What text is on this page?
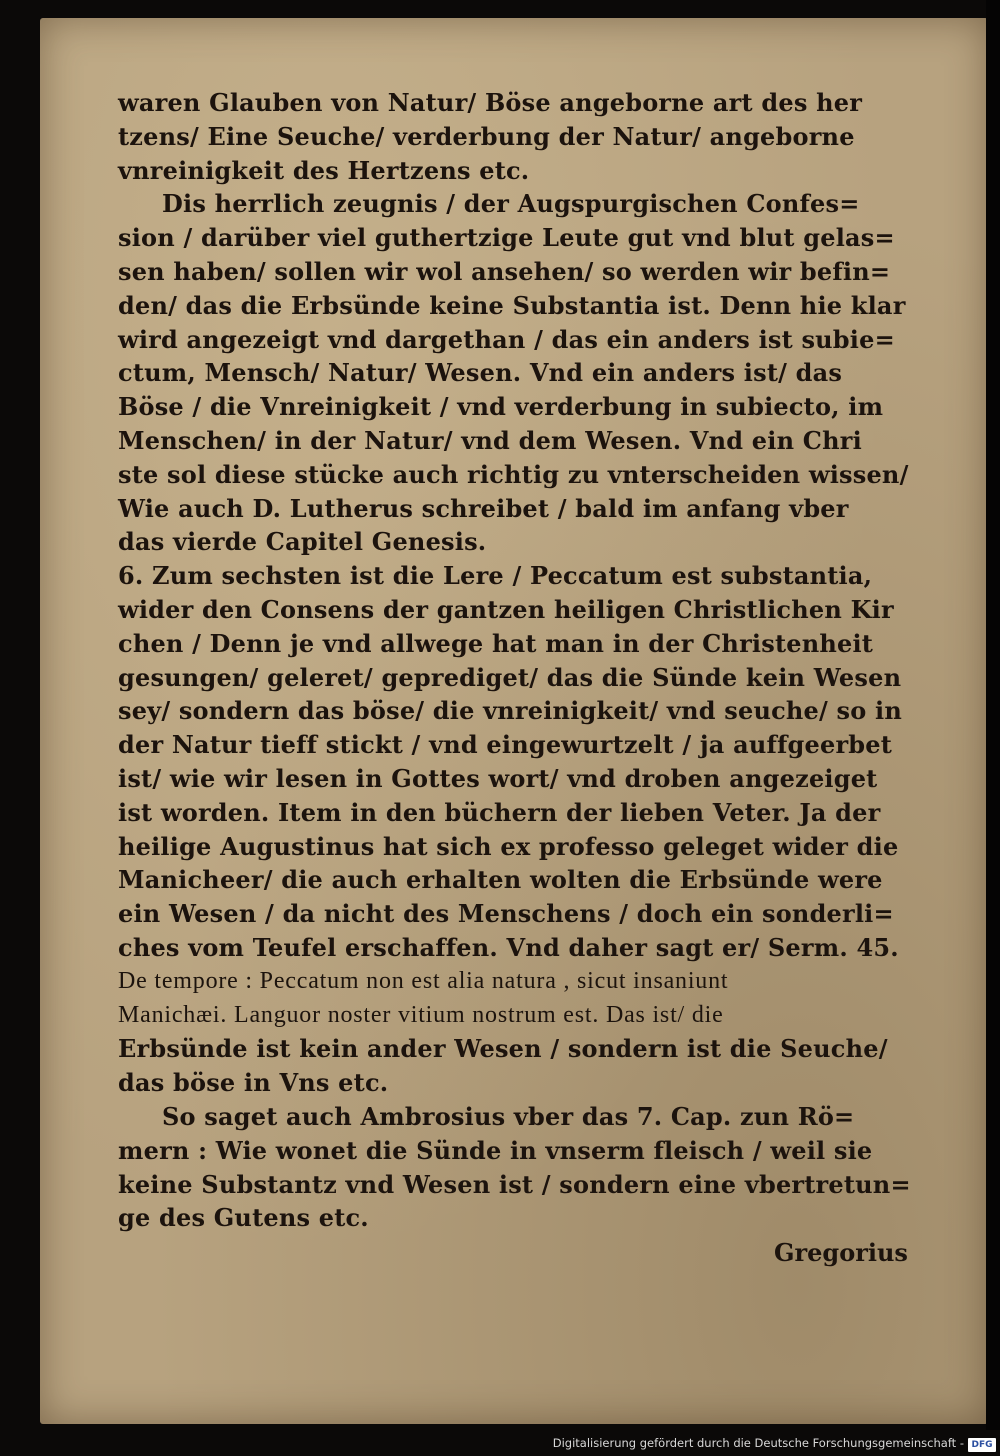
waren Glauben von Natur/ Böse angeborne art des her
tzens/ Eine Seuche/ verderbung der Natur/ angeborne
vnreinigkeit des Hertzens etc.
Dis herrlich zeugnis / der Augspurgischen Confes=
sion / darüber viel guthertzige Leute gut vnd blut gelas=
sen haben/ sollen wir wol ansehen/ so werden wir befin=
den/ das die Erbsünde keine Substantia ist. Denn hie klar
wird angezeigt vnd dargethan / das ein anders ist subie=
ctum, Mensch/ Natur/ Wesen. Vnd ein anders ist/ das
Böse / die Vnreinigkeit / vnd verderbung in subiecto, im
Menschen/ in der Natur/ vnd dem Wesen. Vnd ein Chri
ste sol diese stücke auch richtig zu vnterscheiden wissen/
Wie auch D. Lutherus schreibet / bald im anfang vber
das vierde Capitel Genesis.
6. Zum sechsten ist die Lere / Peccatum est substantia,
wider den Consens der gantzen heiligen Christlichen Kir
chen / Denn je vnd allwege hat man in der Christenheit
gesungen/ geleret/ geprediget/ das die Sünde kein Wesen
sey/ sondern das böse/ die vnreinigkeit/ vnd seuche/ so in
der Natur tieff stickt / vnd eingewurtzelt / ja auffgeerbet
ist/ wie wir lesen in Gottes wort/ vnd droben angezeiget
ist worden. Item in den büchern der lieben Veter. Ja der
heilige Augustinus hat sich ex professo geleget wider die
Manicheer/ die auch erhalten wolten die Erbsünde were
ein Wesen / da nicht des Menschens / doch ein sonderli=
ches vom Teufel erschaffen. Vnd daher sagt er/ Serm. 45.
De tempore : Peccatum non est alia natura , sicut insaniunt
Manichæi. Languor noster vitium nostrum est. Das ist/ die
Erbsünde ist kein ander Wesen / sondern ist die Seuche/
das böse in Vns etc.
So saget auch Ambrosius vber das 7. Cap. zun Rö=
mern : Wie wonet die Sünde in vnserm fleisch / weil sie
keine Substantz vnd Wesen ist / sondern eine vbertretun=
ge des Gutens etc.
Gregorius
Digitalisierung gefördert durch die Deutsche Forschungsgemeinschaft - DFG
